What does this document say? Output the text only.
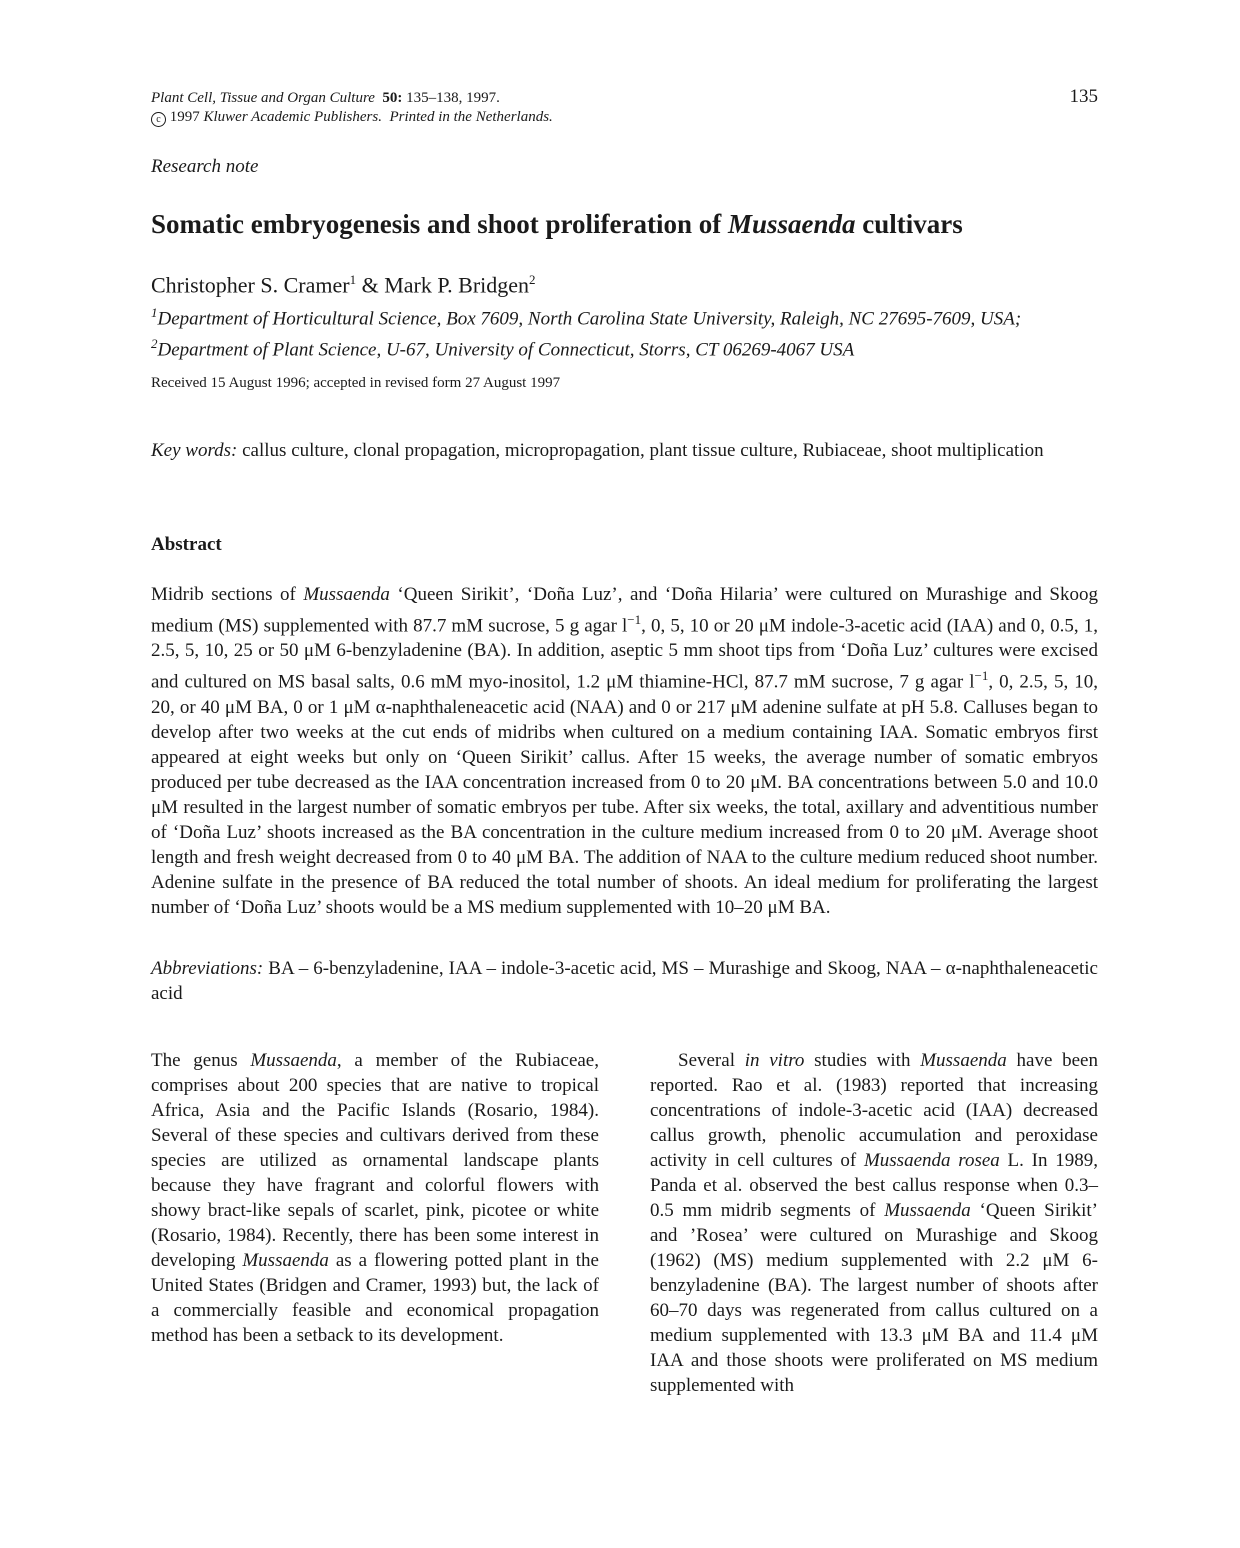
Plant Cell, Tissue and Organ Culture 50: 135–138, 1997.
c 1997 Kluwer Academic Publishers. Printed in the Netherlands.
135
Research note
Somatic embryogenesis and shoot proliferation of Mussaenda cultivars
Christopher S. Cramer$^1$ & Mark P. Bridgen$^2$
$^1$Department of Horticultural Science, Box 7609, North Carolina State University, Raleigh, NC 27695-7609, USA; $^2$Department of Plant Science, U-67, University of Connecticut, Storrs, CT 06269-4067 USA
Received 15 August 1996; accepted in revised form 27 August 1997
Key words: callus culture, clonal propagation, micropropagation, plant tissue culture, Rubiaceae, shoot multiplication
Abstract
Midrib sections of Mussaenda ‘Queen Sirikit’, ‘Doña Luz’, and ‘Doña Hilaria’ were cultured on Murashige and Skoog medium (MS) supplemented with 87.7 mM sucrose, 5 g agar $l^{-1}$, 0, 5, 10 or 20 μM indole-3-acetic acid (IAA) and 0, 0.5, 1, 2.5, 5, 10, 25 or 50 μM 6-benzyladenine (BA). In addition, aseptic 5 mm shoot tips from ‘Doña Luz’ cultures were excised and cultured on MS basal salts, 0.6 mM myo-inositol, 1.2 μM thiamine-HCl, 87.7 mM sucrose, 7 g agar $l^{-1}$, 0, 2.5, 5, 10, 20, or 40 μM BA, 0 or 1 μM α-naphthaleneacetic acid (NAA) and 0 or 217 μM adenine sulfate at pH 5.8. Calluses began to develop after two weeks at the cut ends of midribs when cultured on a medium containing IAA. Somatic embryos first appeared at eight weeks but only on ‘Queen Sirikit’ callus. After 15 weeks, the average number of somatic embryos produced per tube decreased as the IAA concentration increased from 0 to 20 μM. BA concentrations between 5.0 and 10.0 μM resulted in the largest number of somatic embryos per tube. After six weeks, the total, axillary and adventitious number of ‘Doña Luz’ shoots increased as the BA concentration in the culture medium increased from 0 to 20 μM. Average shoot length and fresh weight decreased from 0 to 40 μM BA. The addition of NAA to the culture medium reduced shoot number. Adenine sulfate in the presence of BA reduced the total number of shoots. An ideal medium for proliferating the largest number of ‘Doña Luz’ shoots would be a MS medium supplemented with 10–20 μM BA.
Abbreviations: BA – 6-benzyladenine, IAA – indole-3-acetic acid, MS – Murashige and Skoog, NAA – α-naphthaleneacetic acid

The genus Mussaenda, a member of the Rubiaceae, comprises about 200 species that are native to tropical Africa, Asia and the Pacific Islands (Rosario, 1984). Several of these species and cultivars derived from these species are utilized as ornamental landscape plants because they have fragrant and colorful flowers with showy bract-like sepals of scarlet, pink, picotee or white (Rosario, 1984). Recently, there has been some interest in developing Mussaenda as a flowering potted plant in the United States (Bridgen and Cramer, 1993) but, the lack of a commercially feasible and economical propagation method has been a setback to its development.

Several in vitro studies with Mussaenda have been reported. Rao et al. (1983) reported that increasing concentrations of indole-3-acetic acid (IAA) decreased callus growth, phenolic accumulation and peroxidase activity in cell cultures of Mussaenda rosea L. In 1989, Panda et al. observed the best callus response when 0.3–0.5 mm midrib segments of Mussaenda ‘Queen Sirikit’ and ’Rosea’ were cultured on Murashige and Skoog (1962) (MS) medium supplemented with 2.2 μM 6-benzyladenine (BA). The largest number of shoots after 60–70 days was regenerated from callus cultured on a medium supplemented with 13.3 μM BA and 11.4 μM IAA and those shoots were proliferated on MS medium supplemented with
